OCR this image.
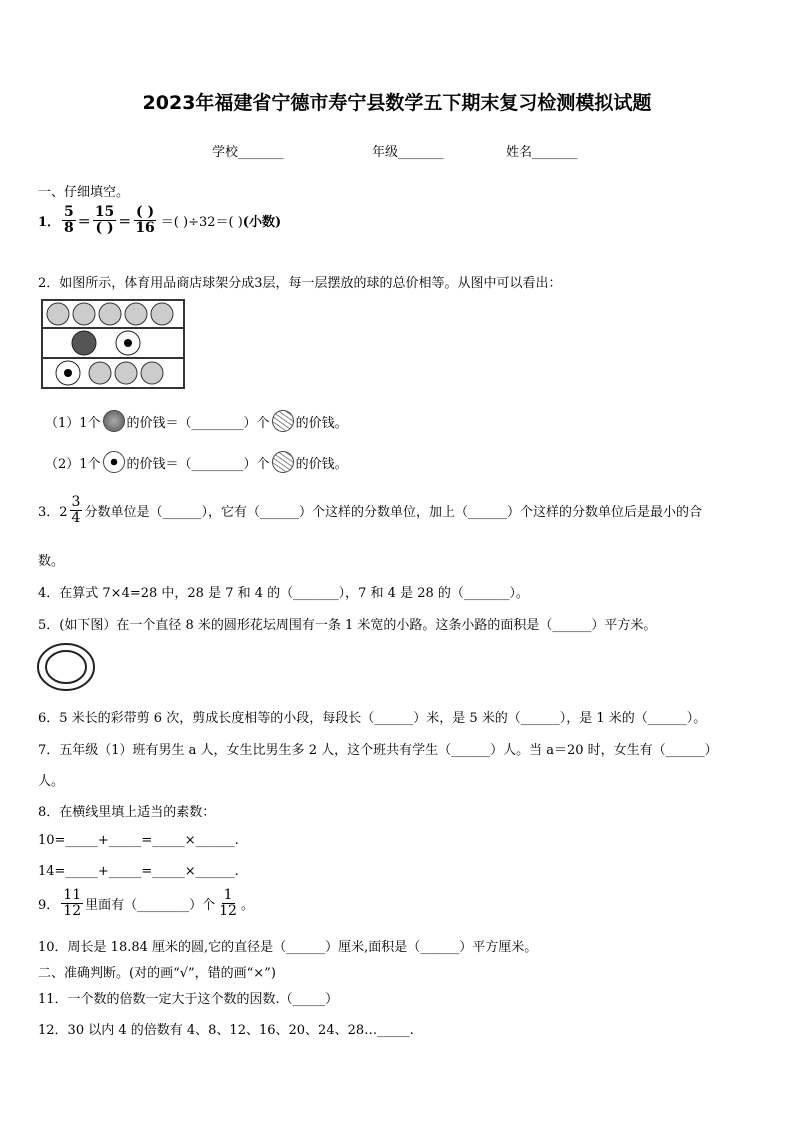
2023年福建省宁德市寿宁县数学五下期末复习检测模拟试题
学校_______	年级_______	姓名_______
一、仔细填空。
1． $\frac{5}{8} = \frac{15}{( )} = \frac{( )}{16}$ ＝( )÷32＝( ) (小数)
2．如图所示，体育用品商店球架分成3层，每一层摆放的球的总价相等。从图中可以看出：
（1）1个 的价钱＝（________）个 的价钱。
（2）1个 的价钱＝（________）个 的价钱。
3．$2 \frac{3}{4}$ 分数单位是（______），它有（______）个这样的分数单位，加上（______）个这样的分数单位后是最小的合
数。
4．在算式 7×4=28 中，28 是 7 和 4 的（_______），7 和 4 是 28 的（_______）。
5．(如下图）在一个直径 8 米的圆形花坛周围有一条 1 米宽的小路。这条小路的面积是（______）平方米。
6．5 米长的彩带剪 6 次，剪成长度相等的小段，每段长（______）米，是 5 米的（______），是 1 米的（______）。
7．五年级（1）班有男生 a 人，女生比男生多 2 人，这个班共有学生（______）人。当 a＝20 时，女生有（______）
人。
8．在横线里填上适当的素数：
10=_____+_____=_____×______.
14=_____+_____=_____×______.
9． $\frac{11}{12}$ 里面有（________）个 $\frac{1}{12}$ 。
10．周长是 18.84 厘米的圆,它的直径是（______）厘米,面积是（______）平方厘米。
二、准确判断。(对的画“√”，错的画“×”)
11．一个数的倍数一定大于这个数的因数.（_____）
12．30 以内 4 的倍数有 4、8、12、16、20、24、28…_____.
